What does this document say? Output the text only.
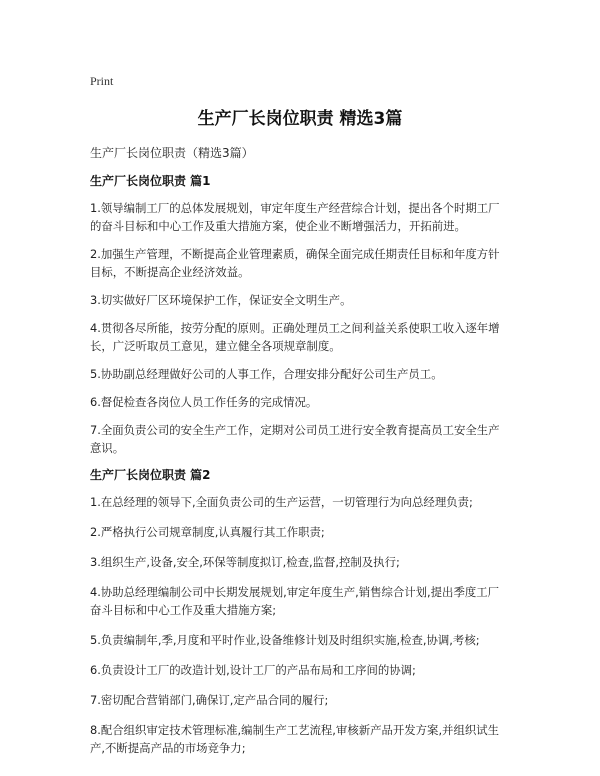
Print
生产厂长岗位职责 精选3篇
生产厂长岗位职责（精选3篇）
生产厂长岗位职责 篇1

1.领导编制工厂的总体发展规划，审定年度生产经营综合计划，提出各个时期工厂的奋斗目标和中心工作及重大措施方案，使企业不断增强活力，开拓前进。

2.加强生产管理，不断提高企业管理素质，确保全面完成任期责任目标和年度方针目标，不断提高企业经济效益。

3.切实做好厂区环境保护工作，保证安全文明生产。

4.贯彻各尽所能，按劳分配的原则。正确处理员工之间利益关系使职工收入逐年增长，广泛听取员工意见，建立健全各项规章制度。

5.协助副总经理做好公司的人事工作，合理安排分配好公司生产员工。

6.督促检查各岗位人员工作任务的完成情况。

7.全面负责公司的安全生产工作，定期对公司员工进行安全教育提高员工安全生产意识。

生产厂长岗位职责 篇2

1.在总经理的领导下,全面负责公司的生产运营，一切管理行为向总经理负责;

2.严格执行公司规章制度,认真履行其工作职责;

3.组织生产,设备,安全,环保等制度拟订,检查,监督,控制及执行;

4.协助总经理编制公司中长期发展规划,审定年度生产,销售综合计划,提出季度工厂奋斗目标和中心工作及重大措施方案;

5.负责编制年,季,月度和平时作业,设备维修计划及时组织实施,检查,协调,考核;

6.负责设计工厂的改造计划,设计工厂的产品布局和工序间的协调;

7.密切配合营销部门,确保订,定产品合同的履行;

8.配合组织审定技术管理标准,编制生产工艺流程,审核新产品开发方案,并组织试生产,不断提高产品的市场竞争力;
